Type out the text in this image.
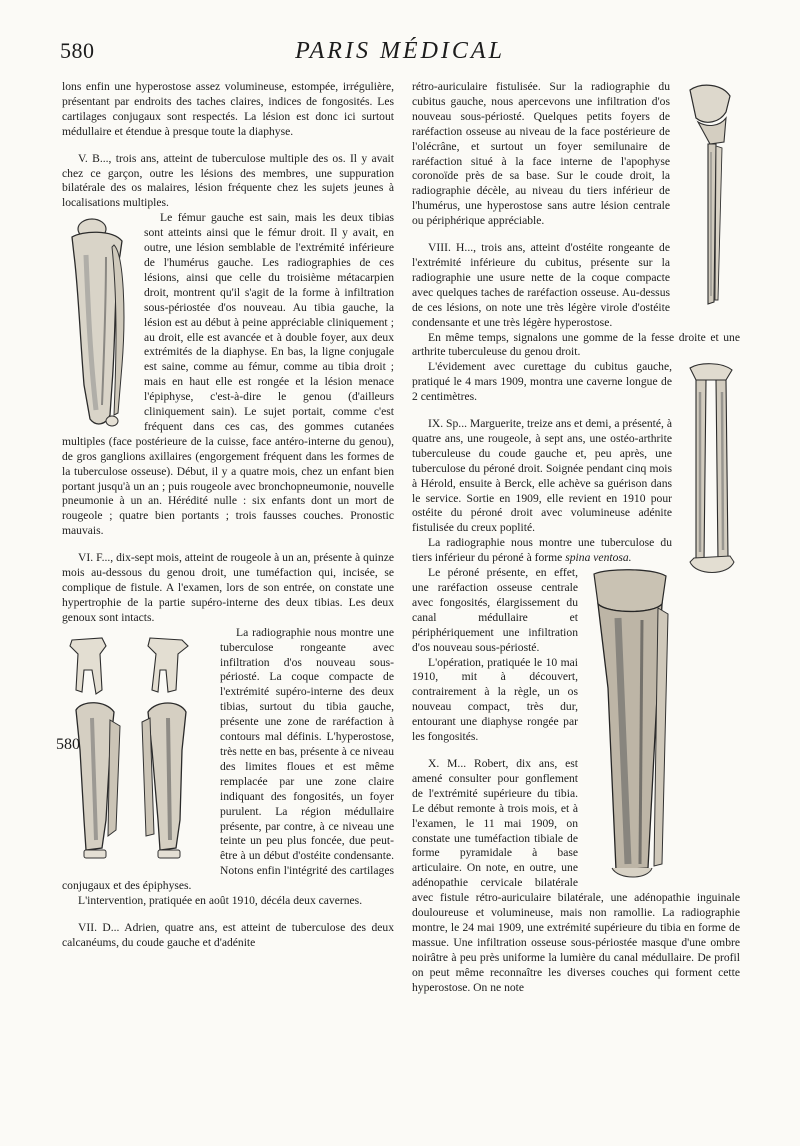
580	PARIS MÉDICAL

lons enfin une hyperostose assez volumineuse, estompée, irrégulière, présentant par endroits des taches claires, indices de fongosités. Les cartilages conjugaux sont respectés. La lésion est donc ici surtout médullaire et étendue à presque toute la diaphyse.

V. B..., trois ans, atteint de tuberculose multiple des os. Il y avait chez ce garçon, outre les lésions des membres, une suppuration bilatérale des os malaires, lésion fréquente chez les sujets jeunes à localisations multiples.

Le fémur gauche est sain, mais les deux tibias sont atteints ainsi que le fémur droit. Il y avait, en outre, une lésion semblable de l'extrémité inférieure de l'humérus gauche. Les radiographies de ces lésions, ainsi que celle du troisième métacarpien droit, montrent qu'il s'agit de la forme à infiltration sous-périostée d'os nouveau. Au tibia gauche, la lésion est au début à peine appréciable cliniquement ; au droit, elle est avancée et à double foyer, aux deux extrémités de la diaphyse. En bas, la ligne conjugale est saine, comme au fémur, comme au tibia droit ; mais en haut elle est rongée et la lésion menace l'épiphyse, c'est-à-dire le genou (d'ailleurs cliniquement sain). Le sujet portait, comme c'est fréquent dans ces cas, des gommes cutanées multiples (face postérieure de la cuisse, face antéro-interne du genou), de gros ganglions axillaires (engorgement fréquent dans les formes de la tuberculose osseuse). Début, il y a quatre mois, chez un enfant bien portant jusqu'à un an ; puis rougeole avec bronchopneumonie, nouvelle pneumonie à un an. Hérédité nulle : six enfants dont un mort de rougeole ; quatre bien portants ; trois fausses couches. Pronostic mauvais.

VI. F..., dix-sept mois, atteint de rougeole à un an, présente à quinze mois au-dessous du genou droit, une tuméfaction qui, incisée, se complique de fistule. A l'examen, lors de son entrée, on constate une hypertrophie de la partie supéro-interne des deux tibias. Les deux genoux sont intacts.

La radiographie nous montre une tuberculose rongeante avec infiltration d'os nouveau sous-périosté. La coque compacte de l'extrémité supéro-interne des deux tibias, surtout du tibia gauche, présente une zone de raréfaction à contours mal définis. L'hyperostose, très nette en bas, présente à ce niveau des limites floues et est même remplacée par une zone claire indiquant des fongosités, un foyer purulent. La région médullaire présente, par contre, à ce niveau une teinte un peu plus foncée, due peut-être à un début d'ostéite condensante. Notons enfin l'intégrité des cartilages conjugaux et des épiphyses.

L'intervention, pratiquée en août 1910, décéla deux cavernes.

VII. D... Adrien, quatre ans, est atteint de tuberculose des deux calcanéums, du coude gauche et d'adénite

580

rétro-auriculaire fistulisée. Sur la radiographie du cubitus gauche, nous apercevons une infiltration d'os nouveau sous-périosté. Quelques petits foyers de raréfaction osseuse au niveau de la face postérieure de l'olécrâne, et surtout un foyer semilunaire de raréfaction situé à la face interne de l'apophyse coronoïde près de sa base. Sur le coude droit, la radiographie décèle, au niveau du tiers inférieur de l'humérus, une hyperostose sans autre lésion centrale ou périphérique appréciable.

VIII. H..., trois ans, atteint d'ostéite rongeante de l'extrémité inférieure du cubitus, présente sur la radiographie une usure nette de la coque compacte avec quelques taches de raréfaction osseuse. Au-dessus de ces lésions, on note une très légère virole d'ostéite condensante et une très légère hyperostose.

En même temps, signalons une gomme de la fesse droite et une arthrite tuberculeuse du genou droit.

L'évidement avec curettage du cubitus gauche, pratiqué le 4 mars 1909, montra une caverne longue de 2 centimètres.

IX. Sp... Marguerite, treize ans et demi, a présenté, à quatre ans, une rougeole, à sept ans, une ostéo-arthrite tuberculeuse du coude gauche et, peu après, une tuberculose du péroné droit. Soignée pendant cinq mois à Hérold, ensuite à Berck, elle achève sa guérison dans le service. Sortie en 1909, elle revient en 1910 pour ostéite du péroné droit avec volumineuse adénite fistulisée du creux poplité.

La radiographie nous montre une tuberculose du tiers inférieur du péroné à forme spina ventosa.

Le péroné présente, en effet, une raréfaction osseuse centrale avec fongosités, élargissement du canal médullaire et périphériquement une infiltration d'os nouveau sous-périosté.

L'opération, pratiquée le 10 mai 1910, mit à découvert, contrairement à la règle, un os nouveau compact, très dur, entourant une diaphyse rongée par les fongosités.

X. M... Robert, dix ans, est amené consulter pour gonflement de l'extrémité supérieure du tibia. Le début remonte à trois mois, et à l'examen, le 11 mai 1909, on constate une tuméfaction tibiale de forme pyramidale à base articulaire. On note, en outre, une adénopathie cervicale bilatérale avec fistule rétro-auriculaire bilatérale, une adénopathie inguinale douloureuse et volumineuse, mais non ramollie. La radiographie montre, le 24 mai 1909, une extrémité supérieure du tibia en forme de massue. Une infiltration osseuse sous-périostée masque d'une ombre noirâtre à peu près uniforme la lumière du canal médullaire. De profil on peut même reconnaître les diverses couches qui forment cette hyperostose. On ne note
